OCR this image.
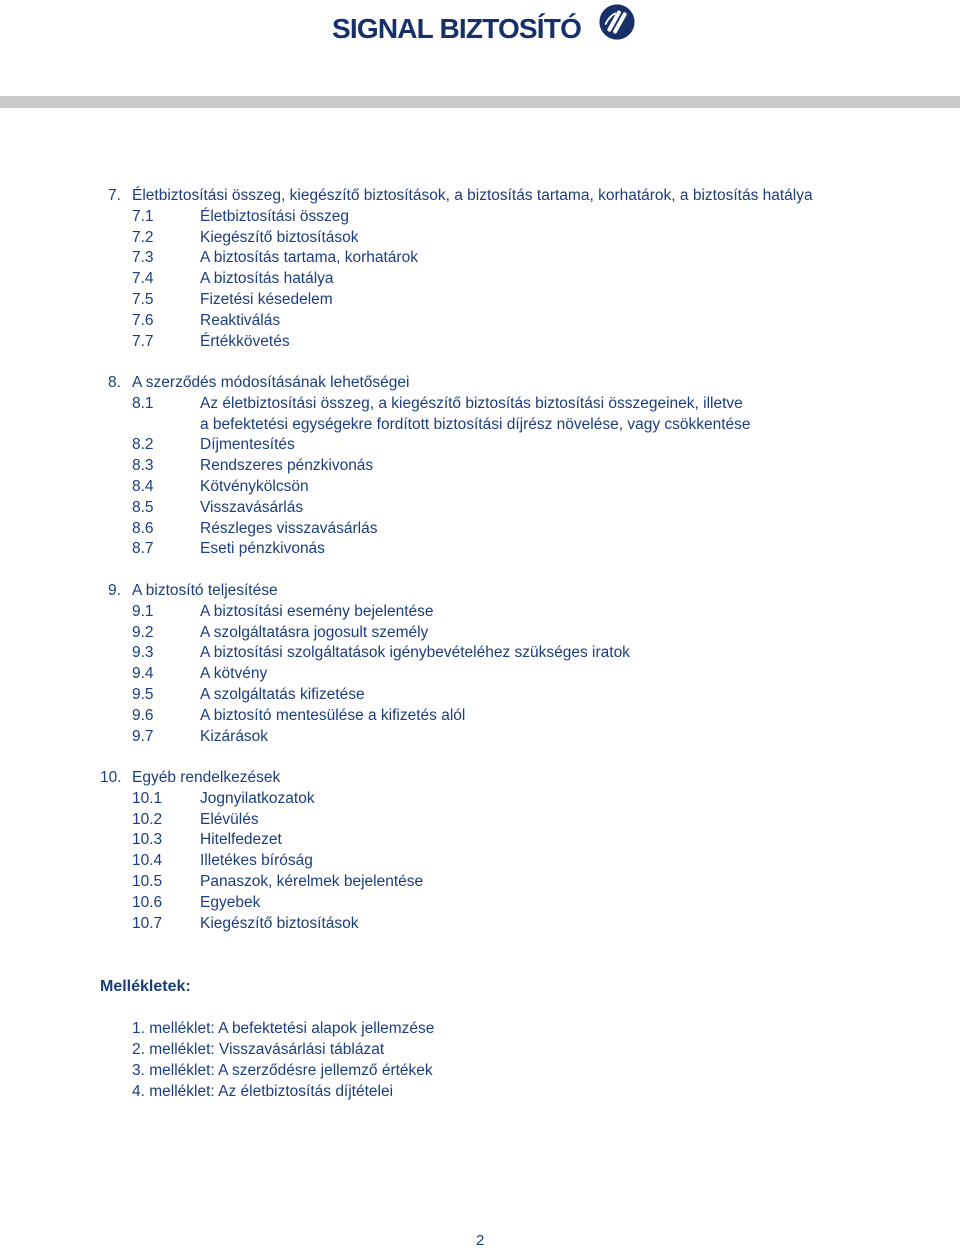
SIGNAL BIZTOSÍTÓ
7. Életbiztosítási összeg, kiegészítő biztosítások, a biztosítás tartama, korhatárok, a biztosítás hatálya
7.1	Életbiztosítási összeg
7.2	Kiegészítő biztosítások
7.3	A biztosítás tartama, korhatárok
7.4	A biztosítás hatálya
7.5	Fizetési késedelem
7.6	Reaktiválás
7.7	Értékkövetés
8. A szerződés módosításának lehetőségei
8.1	Az életbiztosítási összeg, a kiegészítő biztosítás biztosítási összegeinek, illetve
a befektetési egységekre fordított biztosítási díjrész növelése, vagy csökkentése
8.2	Díjmentesítés
8.3	Rendszeres pénzkivonás
8.4	Kötvénykölcsön
8.5	Visszavásárlás
8.6	Részleges visszavásárlás
8.7	Eseti pénzkivonás
9. A biztosító teljesítése
9.1	A biztosítási esemény bejelentése
9.2	A szolgáltatásra jogosult személy
9.3	A biztosítási szolgáltatások igénybevételéhez szükséges iratok
9.4	A kötvény
9.5	A szolgáltatás kifizetése
9.6	A biztosító mentesülése a kifizetés alól
9.7	Kizárások
10. Egyéb rendelkezések
10.1 Jognyilatkozatok
10.2 Elévülés
10.3 Hitelfedezet
10.4 Illetékes bíróság
10.5 Panaszok, kérelmek bejelentése
10.6 Egyebek
10.7 Kiegészítő biztosítások
Mellékletek:
1. melléklet: A befektetési alapok jellemzése
2. melléklet: Visszavásárlási táblázat
3. melléklet: A szerződésre jellemző értékek
4. melléklet: Az életbiztosítás díjtételei
2
